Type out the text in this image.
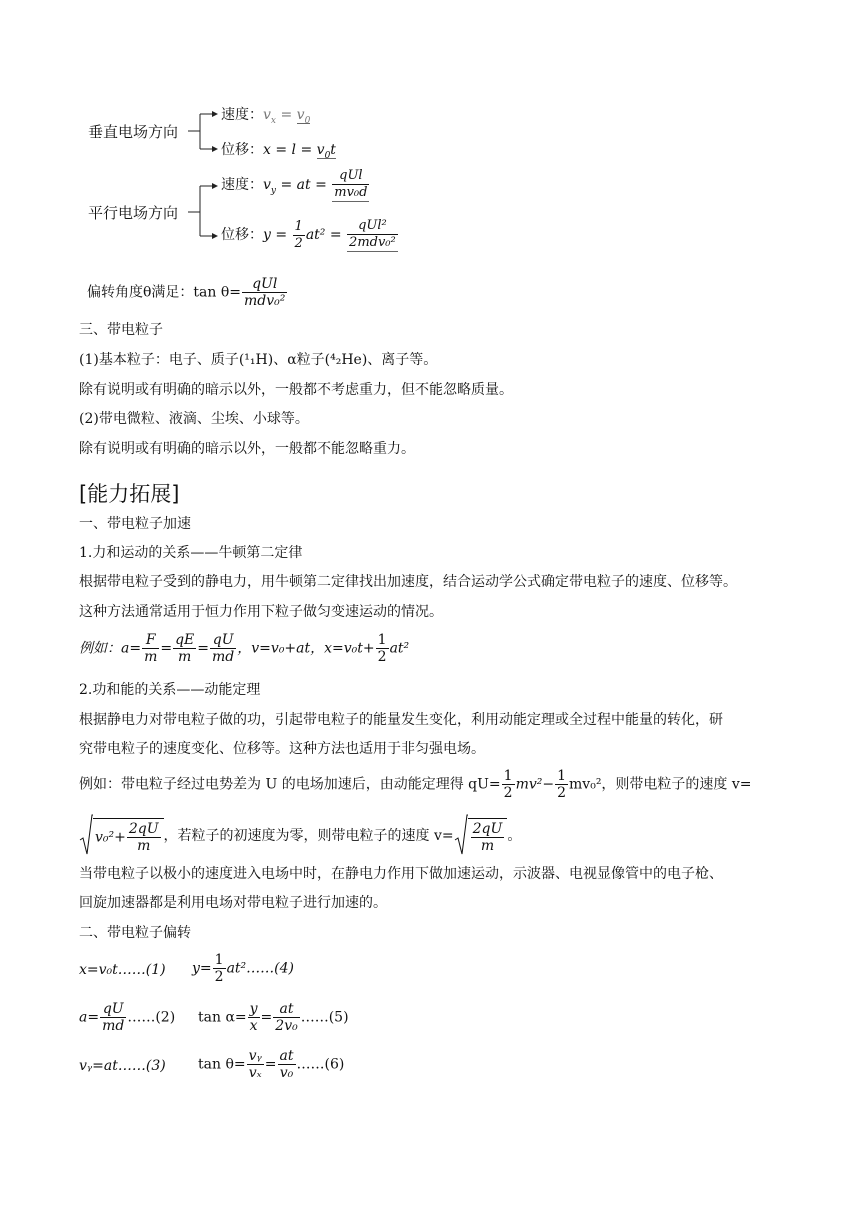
垂直电场方向
速度：$v_x = v_0$
位移：$x = l = v_0t$
平行电场方向
速度：$v_y$ = at = $\frac{\text{qUl}}{\text{mv₀d}}$
位移：$y = \frac{1}{2} at^2 = \frac{\text{qUl²}}{\text{2mdv₀²}}$
偏转角度θ满足：$\tan \theta= \frac{\text{qUl}}{\text{mdv₀²}}$
三、带电粒子
(1)基本粒子：电子、质子(¹₁H)、α粒子(⁴₂He)、离子等。
除有说明或有明确的暗示以外，一般都不考虑重力，但不能忽略质量。
(2)带电微粒、液滴、尘埃、小球等。
除有说明或有明确的暗示以外，一般都不能忽略重力。
[能力拓展]
一、带电粒子加速
1.力和运动的关系——牛顿第二定律
根据带电粒子受到的静电力，用牛顿第二定律找出加速度，结合运动学公式确定带电粒子的速度、位移等。
这种方法通常适用于恒力作用下粒子做匀变速运动的情况。
例如：$a= \frac{F}{m} = \frac{qE}{m} = \frac{qU}{md}$ ，v=v₀+at，$x=v_0t+ \frac{1}{2} at^2$
2.功和能的关系——动能定理
根据静电力对带电粒子做的功，引起带电粒子的能量发生变化，利用动能定理或全过程中能量的转化，研
究带电粒子的速度变化、位移等。这种方法也适用于非匀强电场。
例如：带电粒子经过电势差为 U 的电场加速后，由动能定理得 $qU= \frac{1}{2} mv^2- \frac{1}{2} mv_0^2$，则带电粒子的速度 v=
$v_0^2+ \frac{2qU}{m}$ ，若粒子的初速度为零，则带电粒子的速度 $v= \frac{2qU}{m}$ 。
当带电粒子以极小的速度进入电场中时，在静电力作用下做加速运动，示波器、电视显像管中的电子枪、
回旋加速器都是利用电场对带电粒子进行加速的。
二、带电粒子偏转
x=v₀t……(1) $y= \frac{1}{2}$ at²……(4)
$a= \frac{qU}{md}$ ……(2) $\tan \alpha= \frac{y}{x} = \frac{at}{\text{2v₀}}$ ……(5)
vᵧ=at……(3) $\tan \theta= \frac{\text{vᵧ}}{\text{vₓ}} = \frac{at}{\text{v₀}}$ ……(6)
